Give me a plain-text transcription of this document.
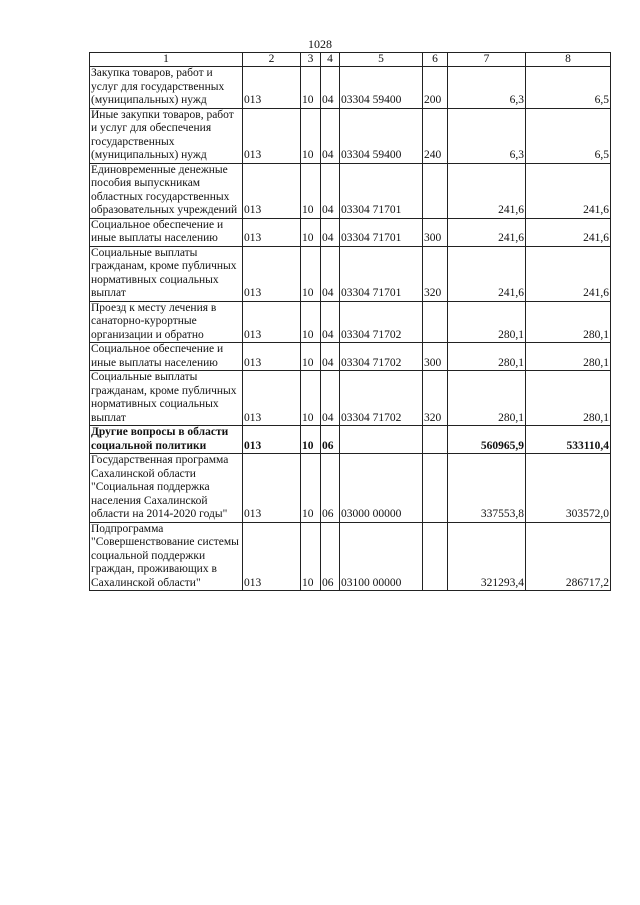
1028
1	2	3	4	5	6	7	8
Закупка товаров, работ и услуг для государственных (муниципальных) нужд	013	10	04	03304 59400	200	6,3	6,5
Иные закупки товаров, работ и услуг для обеспечения государственных (муниципальных) нужд	013	10	04	03304 59400	240	6,3	6,5
Единовременные денежные пособия выпускникам областных государственных образовательных учреждений	013	10	04	03304 71701		241,6	241,6
Социальное обеспечение и иные выплаты населению	013	10	04	03304 71701	300	241,6	241,6
Социальные выплаты гражданам, кроме публичных нормативных социальных выплат	013	10	04	03304 71701	320	241,6	241,6
Проезд к месту лечения в санаторно-курортные организации и обратно	013	10	04	03304 71702		280,1	280,1
Социальное обеспечение и иные выплаты населению	013	10	04	03304 71702	300	280,1	280,1
Социальные выплаты гражданам, кроме публичных нормативных социальных выплат	013	10	04	03304 71702	320	280,1	280,1
Другие вопросы в области социальной политики	013	10	06			560965,9	533110,4
Государственная программа Сахалинской области "Социальная поддержка населения Сахалинской области на 2014-2020 годы"	013	10	06	03000 00000		337553,8	303572,0
Подпрограмма "Совершенствование системы социальной поддержки граждан, проживающих в Сахалинской области"	013	10	06	03100 00000		321293,4	286717,2
